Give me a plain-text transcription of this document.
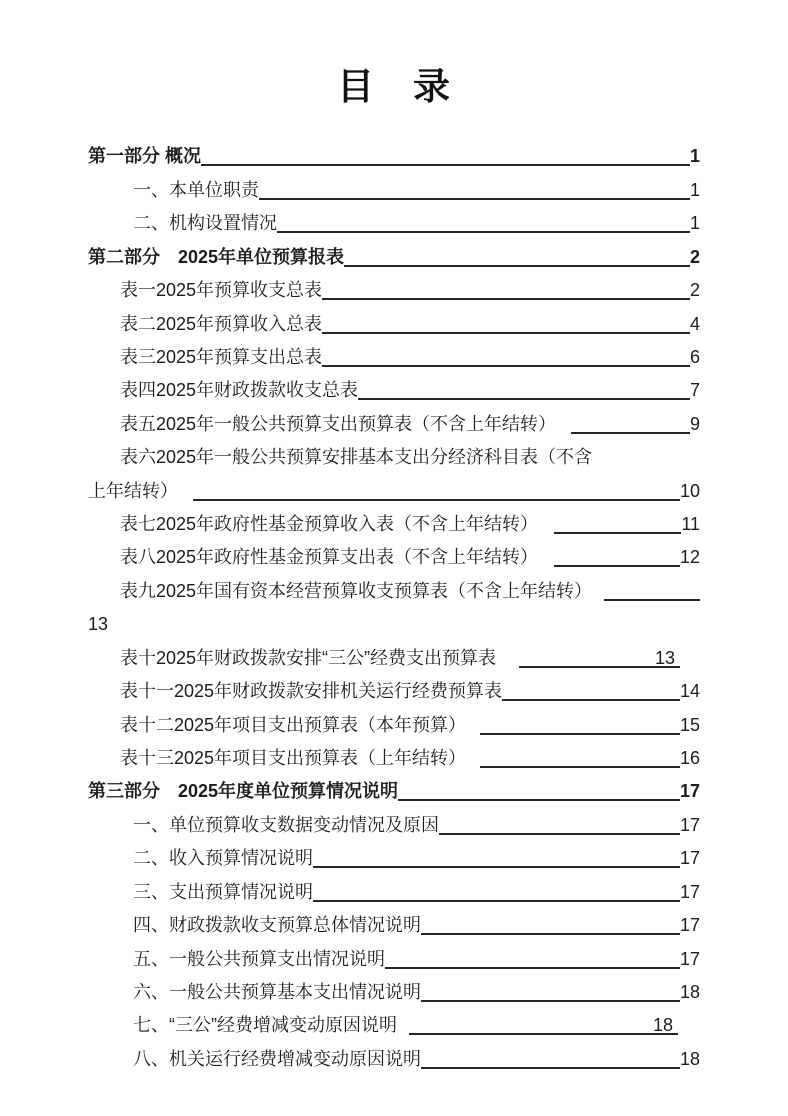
目　录
第一部分 概况	1
一、本单位职责	1
二、机构设置情况	1
第二部分　2025年单位预算报表	2
表一2025年预算收支总表	2
表二2025年预算收入总表	4
表三2025年预算支出总表	6
表四2025年财政拨款收支总表	7
表五2025年一般公共预算支出预算表（不含上年结转）	9
表六2025年一般公共预算安排基本支出分经济科目表（不含
上年结转）	10
表七2025年政府性基金预算收入表（不含上年结转）	11
表八2025年政府性基金预算支出表（不含上年结转）	12
表九2025年国有资本经营预算收支预算表（不含上年结转）
13
表十2025年财政拨款安排“三公”经费支出预算表	13
表十一2025年财政拨款安排机关运行经费预算表	14
表十二2025年项目支出预算表（本年预算）	15
表十三2025年项目支出预算表（上年结转）	16
第三部分　2025年度单位预算情况说明	17
一、单位预算收支数据变动情况及原因	17
二、收入预算情况说明	17
三、支出预算情况说明	17
四、财政拨款收支预算总体情况说明	17
五、一般公共预算支出情况说明	17
六、一般公共预算基本支出情况说明	18
七、“三公”经费增减变动原因说明	18
八、机关运行经费增减变动原因说明	18
